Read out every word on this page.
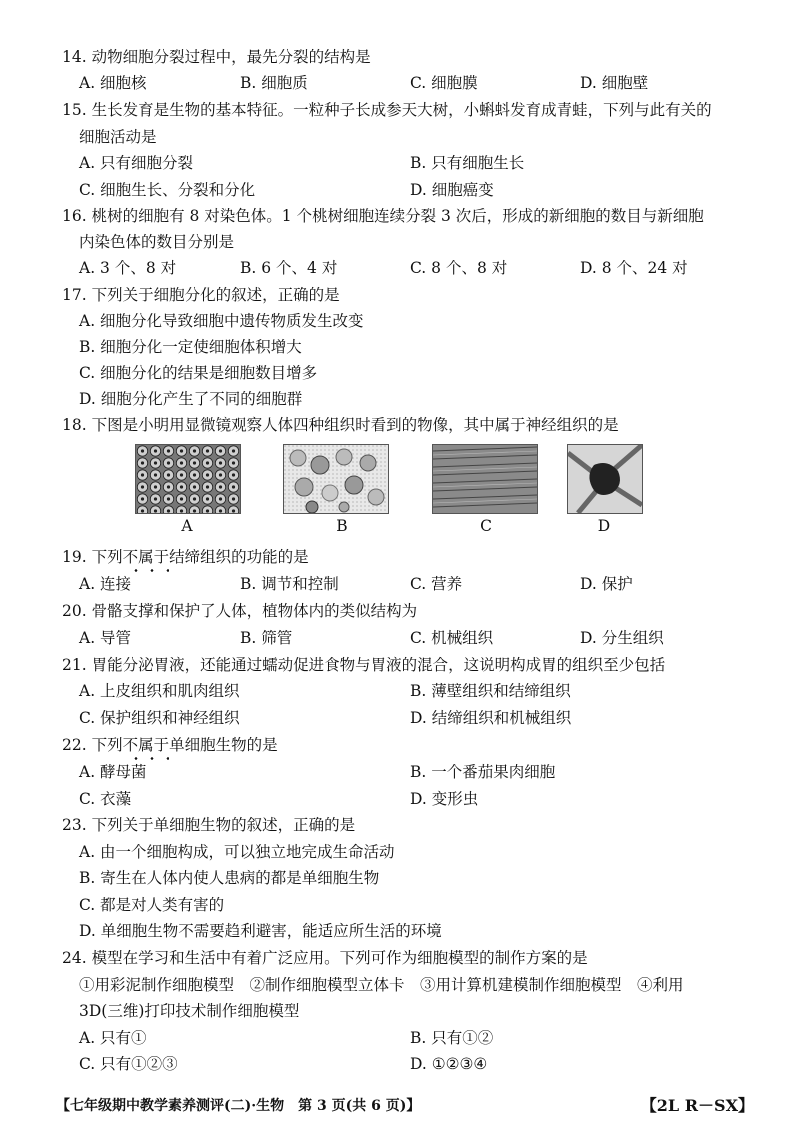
14. 动物细胞分裂过程中，最先分裂的结构是
A. 细胞核	B. 细胞质	C. 细胞膜	D. 细胞壁
15. 生长发育是生物的基本特征。一粒种子长成参天大树，小蝌蚪发育成青蛙，下列与此有关的
细胞活动是
A. 只有细胞分裂	B. 只有细胞生长
C. 细胞生长、分裂和分化	D. 细胞癌变
16. 桃树的细胞有 8 对染色体。1 个桃树细胞连续分裂 3 次后，形成的新细胞的数目与新细胞
内染色体的数目分别是
A. 3 个、8 对	B. 6 个、4 对	C. 8 个、8 对	D. 8 个、24 对
17. 下列关于细胞分化的叙述，正确的是
A. 细胞分化导致细胞中遗传物质发生改变
B. 细胞分化一定使细胞体积增大
C. 细胞分化的结果是细胞数目增多
D. 细胞分化产生了不同的细胞群
18. 下图是小明用显微镜观察人体四种组织时看到的物像，其中属于神经组织的是
A	B	C	D
19. 下列不属于结缔组织的功能的是
A. 连接	B. 调节和控制	C. 营养	D. 保护
20. 骨骼支撑和保护了人体，植物体内的类似结构为
A. 导管	B. 筛管	C. 机械组织	D. 分生组织
21. 胃能分泌胃液，还能通过蠕动促进食物与胃液的混合，这说明构成胃的组织至少包括
A. 上皮组织和肌肉组织	B. 薄壁组织和结缔组织
C. 保护组织和神经组织	D. 结缔组织和机械组织
22. 下列不属于单细胞生物的是
A. 酵母菌	B. 一个番茄果肉细胞
C. 衣藻	D. 变形虫
23. 下列关于单细胞生物的叙述，正确的是
A. 由一个细胞构成，可以独立地完成生命活动
B. 寄生在人体内使人患病的都是单细胞生物
C. 都是对人类有害的
D. 单细胞生物不需要趋利避害，能适应所生活的环境
24. 模型在学习和生活中有着广泛应用。下列可作为细胞模型的制作方案的是
①用彩泥制作细胞模型　②制作细胞模型立体卡　③用计算机建模制作细胞模型　④利用
3D(三维)打印技术制作细胞模型
A. 只有①	B. 只有①②
C. 只有①②③	D. ①②③④
【七年级期中教学素养测评(二)·生物　第 3 页(共 6 页)】	【2L R－SX】
